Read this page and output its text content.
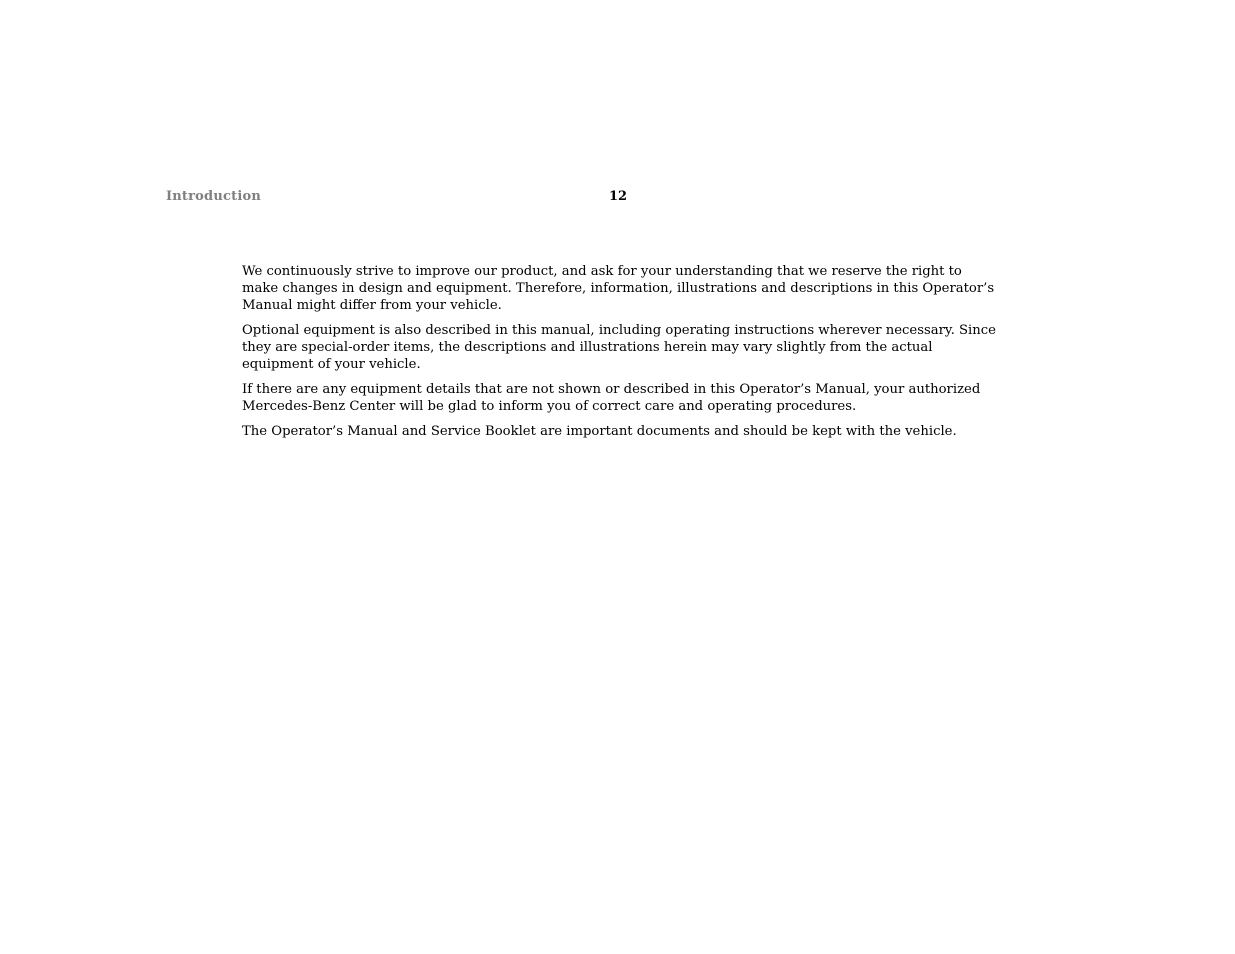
Introduction	12

We continuously strive to improve our product, and ask for your understanding that we reserve the right to make changes in design and equipment. Therefore, information, illustrations and descriptions in this Operator’s Manual might differ from your vehicle.

Optional equipment is also described in this manual, including operating instructions wherever necessary. Since they are special-order items, the descriptions and illustrations herein may vary slightly from the actual equipment of your vehicle.

If there are any equipment details that are not shown or described in this Operator’s Manual, your authorized Mercedes-Benz Center will be glad to inform you of correct care and operating procedures.

The Operator’s Manual and Service Booklet are important documents and should be kept with the vehicle.
